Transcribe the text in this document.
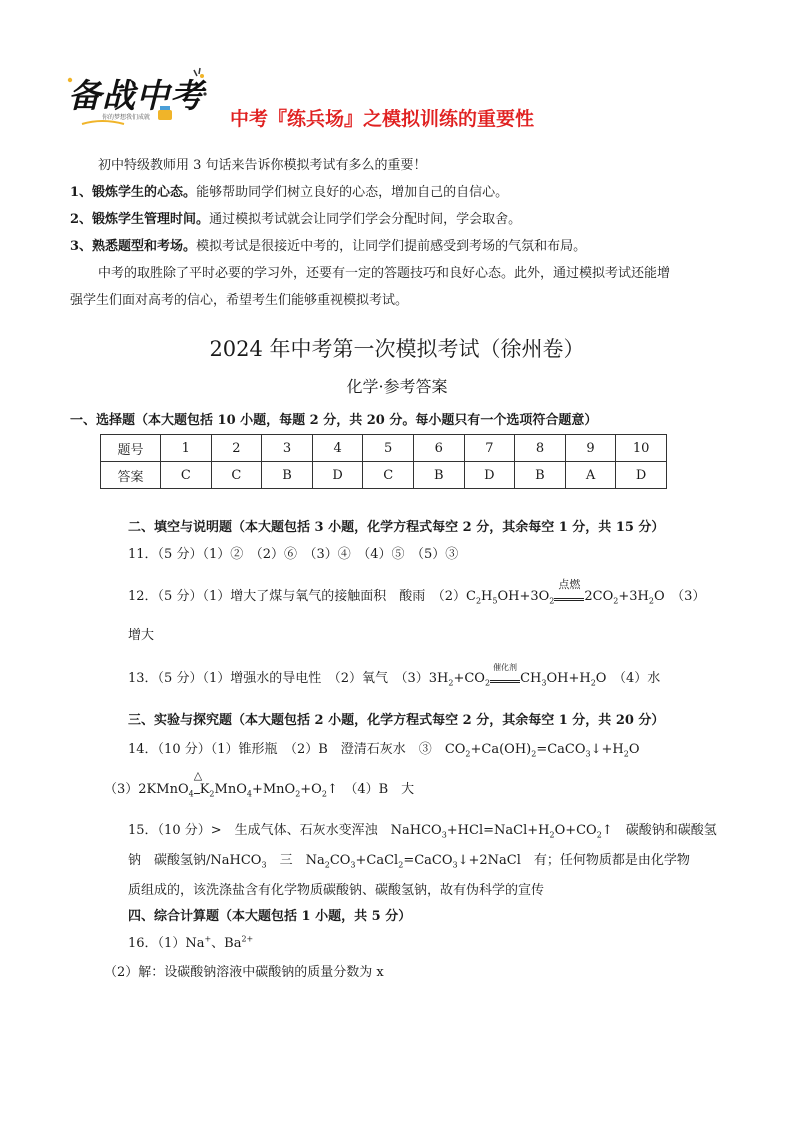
备战中考
你的梦想我们成就	中考『练兵场』之模拟训练的重要性
初中特级教师用 3 句话来告诉你模拟考试有多么的重要！
1、锻炼学生的心态。能够帮助同学们树立良好的心态，增加自己的自信心。
2、锻炼学生管理时间。通过模拟考试就会让同学们学会分配时间，学会取舍。
3、熟悉题型和考场。模拟考试是很接近中考的，让同学们提前感受到考场的气氛和布局。
中考的取胜除了平时必要的学习外，还要有一定的答题技巧和良好心态。此外，通过模拟考试还能增
强学生们面对高考的信心，希望考生们能够重视模拟考试。
2024 年中考第一次模拟考试（徐州卷）
化学·参考答案
一、选择题（本大题包括 10 小题，每题 2 分，共 20 分。每小题只有一个选项符合题意）
题号	1	2	3	4	5	6	7	8	9	10
答案	C	C	B	D	C	B	D	B	A	D
二、填空与说明题（本大题包括 3 小题，化学方程式每空 2 分，其余每空 1 分，共 15 分）
11．（5 分）（1）②　（2）⑥　（3）④　（4）⑤　（5）③
12．（5 分）（1）增大了煤与氧气的接触面积　酸雨　$(2)C_2H_5OH+3O_2$
点燃
$2CO_2+3H_2O$　（3）
增大
13．（5 分）（1）增强水的导电性　（2）氧气　$(3)3H_2+CO_2$
催化剂
$CH_3OH+H_2O$　（4）水
三、实验与探究题（本大题包括 2 小题，化学方程式每空 2 分，其余每空 1 分，共 20 分）
14．（10 分）（1）锥形瓶　（2）B　澄清石灰水　③　$CO_2+Ca(OH)_2=CaCO_3↓+H_2O$
（3）2KMnO$_4$
△
$K_2MnO_4+MnO_2+O_2↑$　（4）B　大
15．（10 分）>　生成气体、石灰水变浑浊　$NaHCO_3+HCl=NaCl+H_2O+CO_2↑$　碳酸钠和碳酸氢
钠　碳酸氢钠/NaHCO$_3$　 三　$Na_2CO_3+CaCl_2=CaCO_3↓+2NaCl$　有；任何物质都是由化学物
质组成的，该洗涤盐含有化学物质碳酸钠、碳酸氢钠，故有伪科学的宣传
四、综合计算题（本大题包括 1 小题，共 5 分）
16．（1）Na+、$Ba^{2+}$
（2）解：设碳酸钠溶液中碳酸钠的质量分数为 x
